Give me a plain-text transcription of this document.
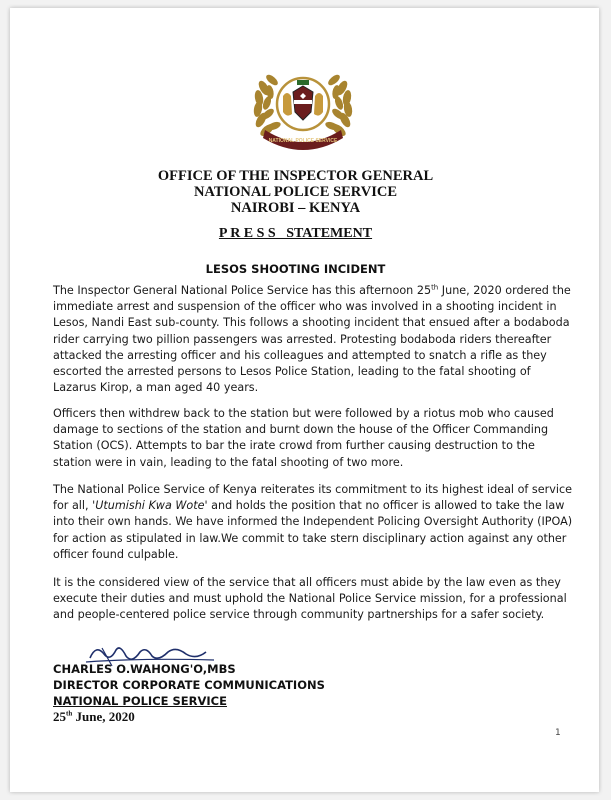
NATIONAL POLICE SERVICE
OFFICE OF THE INSPECTOR GENERAL
NATIONAL POLICE SERVICE
NAIROBI – KENYA
P R E S S   STATEMENT
LESOS SHOOTING INCIDENT
The Inspector General National Police Service has this afternoon 25th June, 2020 ordered the immediate arrest and suspension of the officer who was involved in a shooting incident in Lesos, Nandi East sub-county. This follows a shooting incident that ensued after a bodaboda rider carrying two pillion passengers was arrested. Protesting bodaboda riders thereafter attacked the arresting officer and his colleagues and attempted to snatch a rifle as they escorted the arrested persons to Lesos Police Station, leading to the fatal shooting of Lazarus Kirop, a man aged 40 years.
Officers then withdrew back to the station but were followed by a riotus mob who caused damage to sections of the station and burnt down the house of the Officer Commanding Station (OCS). Attempts to bar the irate crowd from further causing destruction to the station were in vain, leading to the fatal shooting of two more.
The National Police Service of Kenya reiterates its commitment to its highest ideal of service for all, 'Utumishi Kwa Wote' and holds the position that no officer is allowed to take the law into their own hands. We have informed the Independent Policing Oversight Authority (IPOA) for action as stipulated in law.We commit to take stern disciplinary action against any other officer found culpable.
It is the considered view of the service that all officers must abide by the law even as they execute their duties and must uphold the National Police Service mission, for a professional and people-centered police service through community partnerships for a safer society.
CHARLES O.WAHONG'O,MBS
DIRECTOR CORPORATE COMMUNICATIONS
NATIONAL POLICE SERVICE
25th June, 2020
1
